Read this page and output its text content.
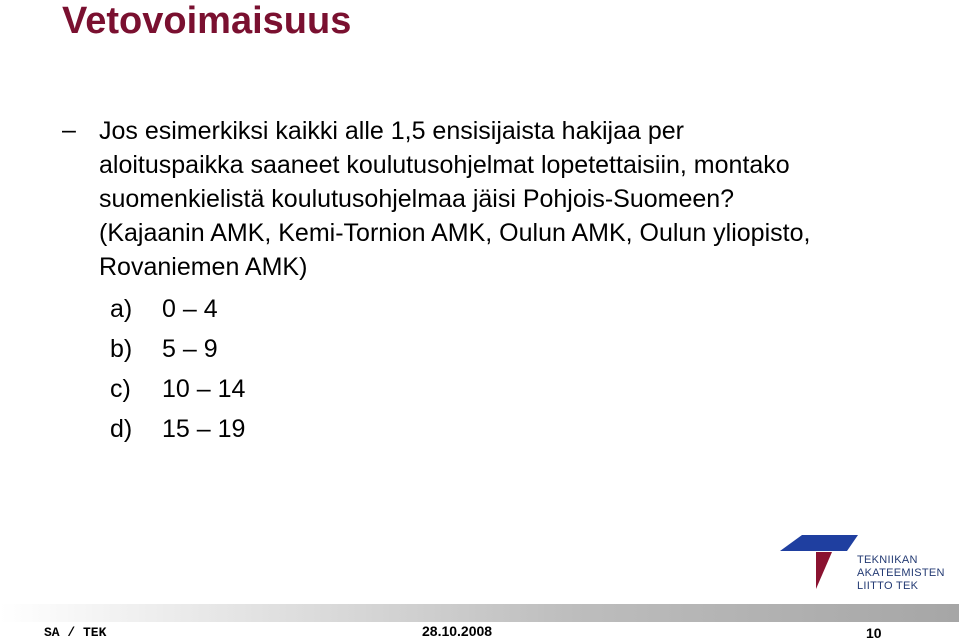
Vetovoimaisuus
– Jos esimerkiksi kaikki alle 1,5 ensisijaista hakijaa per
aloituspaikka saaneet koulutusohjelmat lopetettaisiin, montako
suomenkielistä koulutusohjelmaa jäisi Pohjois-Suomeen?
(Kajaanin AMK, Kemi-Tornion AMK, Oulun AMK, Oulun yliopisto,
Rovaniemen AMK)

a)	0 – 4
b)	5 – 9
c)	10 – 14
d)	15 – 19
TEKNIIKAN
AKATEEMISTEN
LIITTO TEK
SA / TEK	28.10.2008	10
